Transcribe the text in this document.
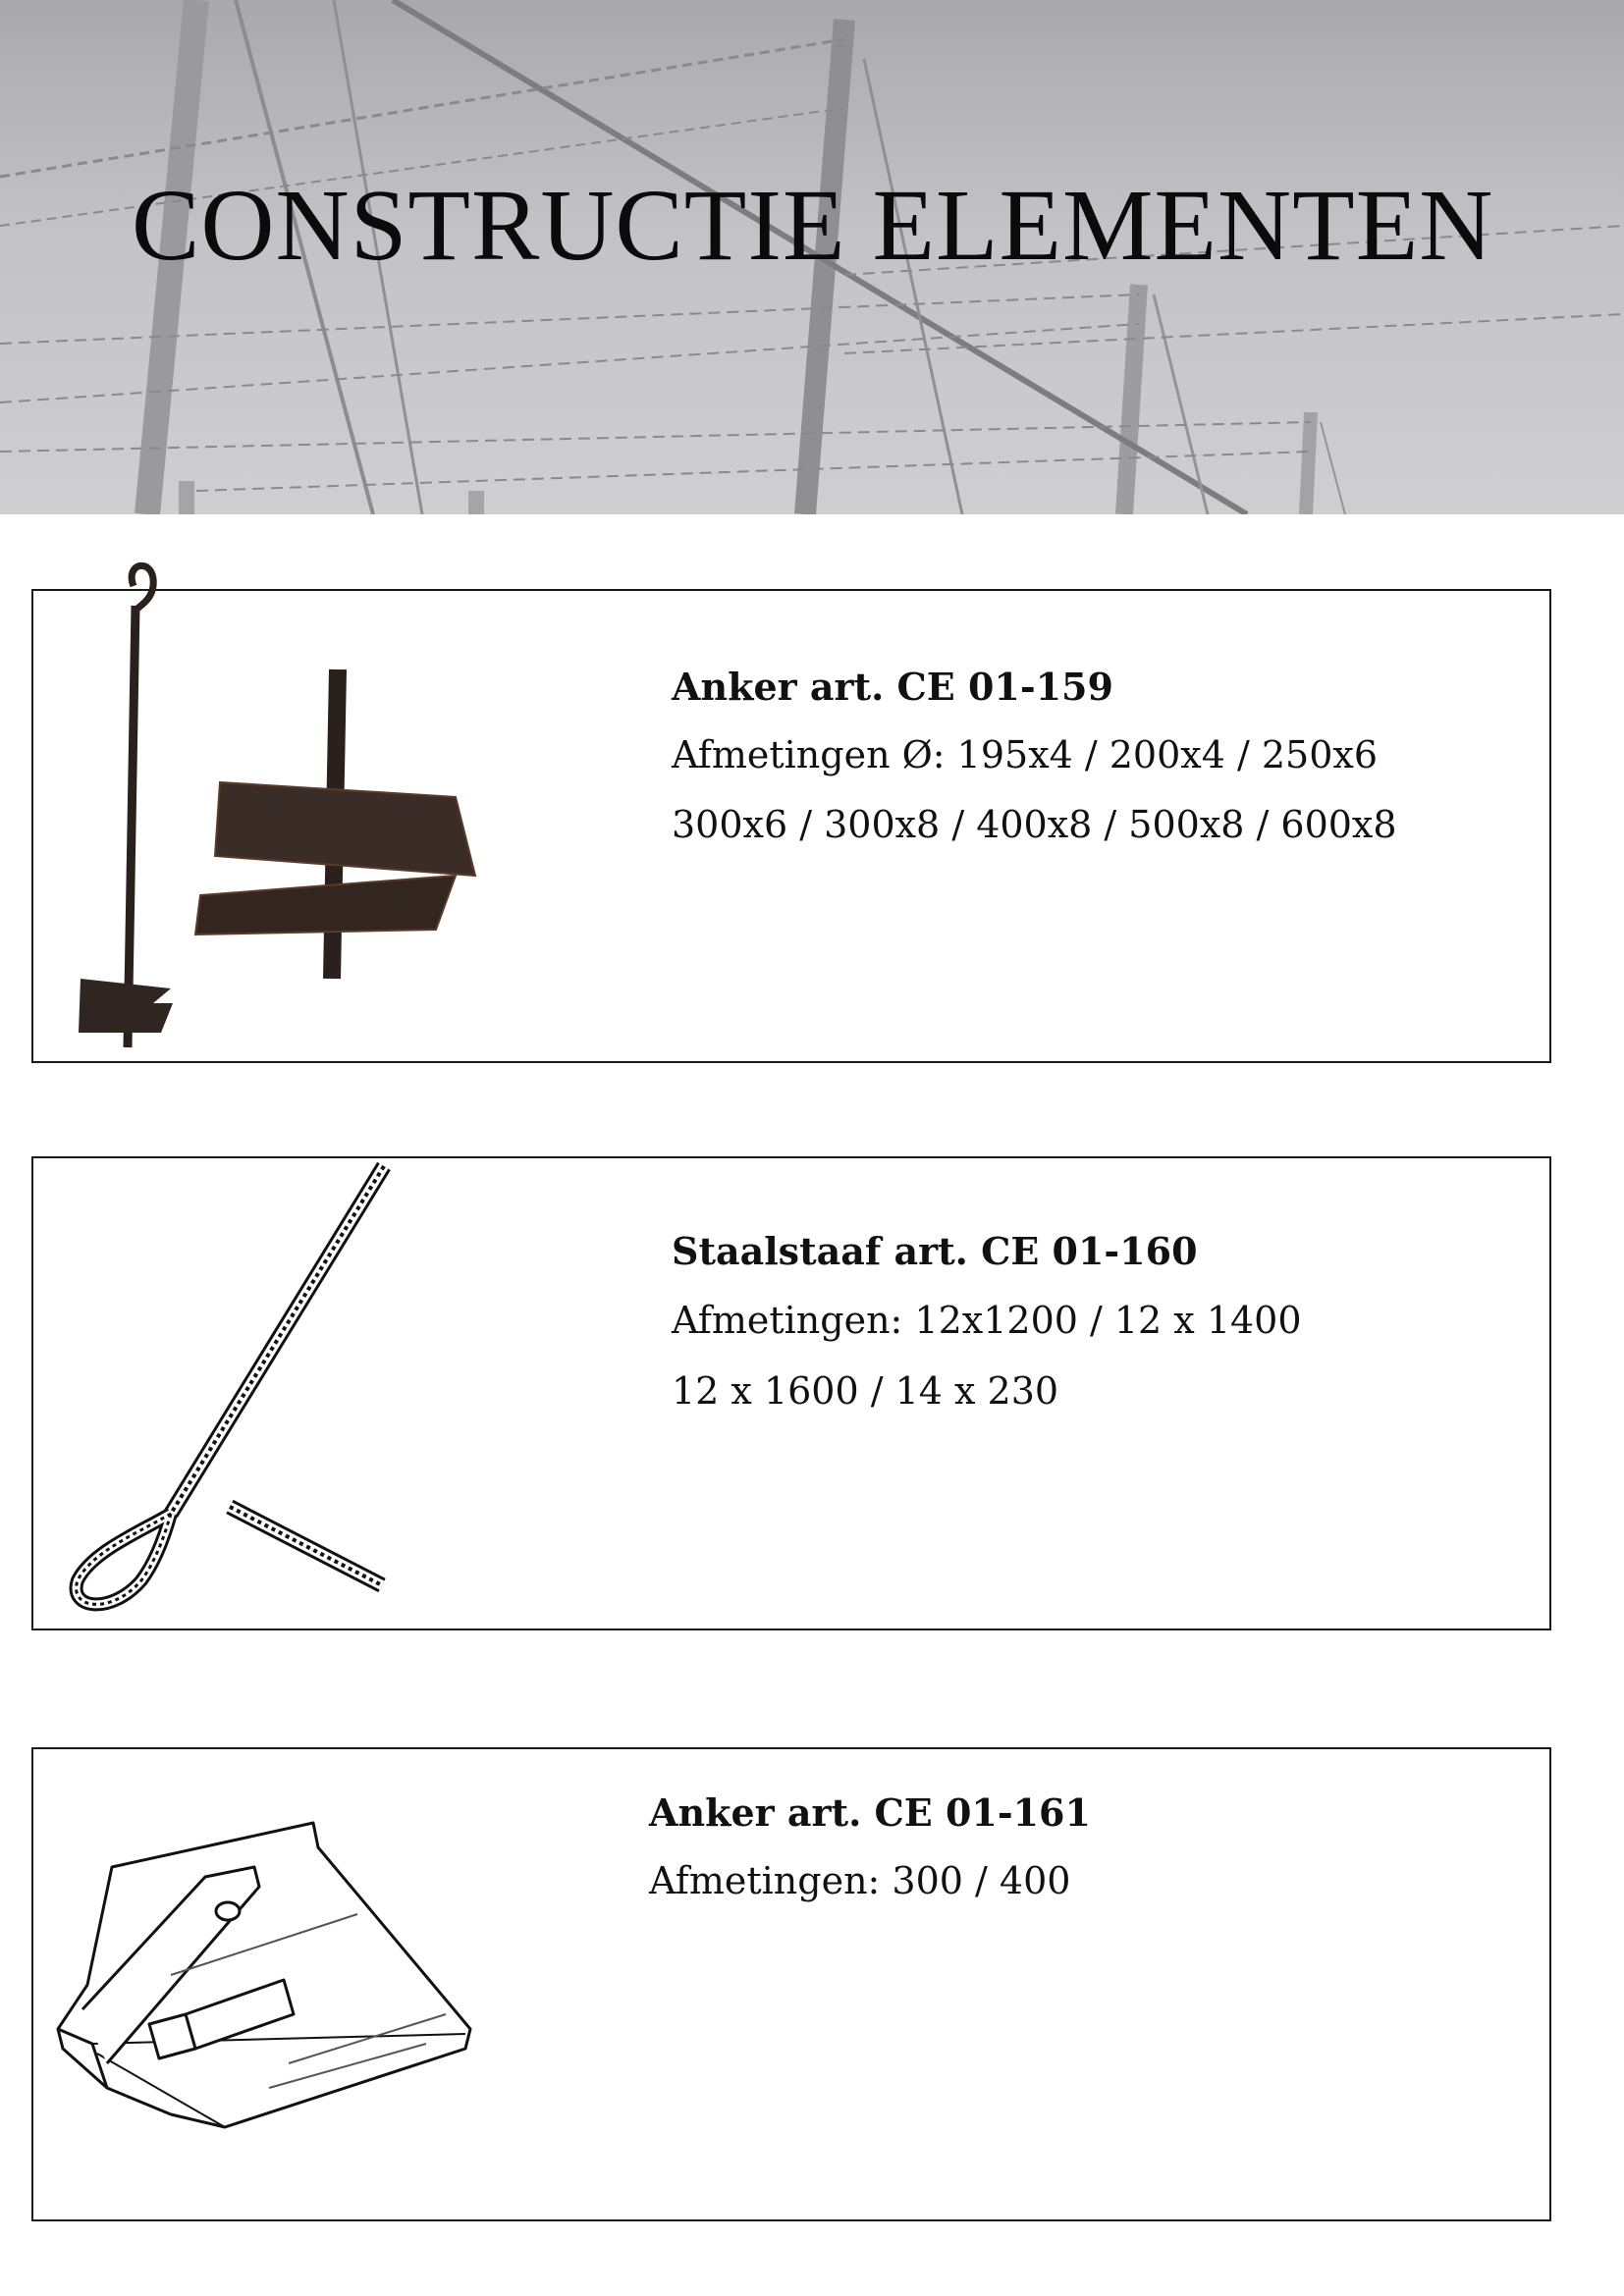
CONSTRUCTIE ELEMENTEN
Anker art. CE 01-159
Afmetingen Ø: 195x4 / 200x4 / 250x6
300x6 / 300x8 / 400x8 / 500x8 / 600x8
Staalstaaf art. CE 01-160
Afmetingen: 12x1200 / 12 x 1400
12 x 1600 / 14 x 230
Anker art. CE 01-161
Afmetingen: 300 / 400
